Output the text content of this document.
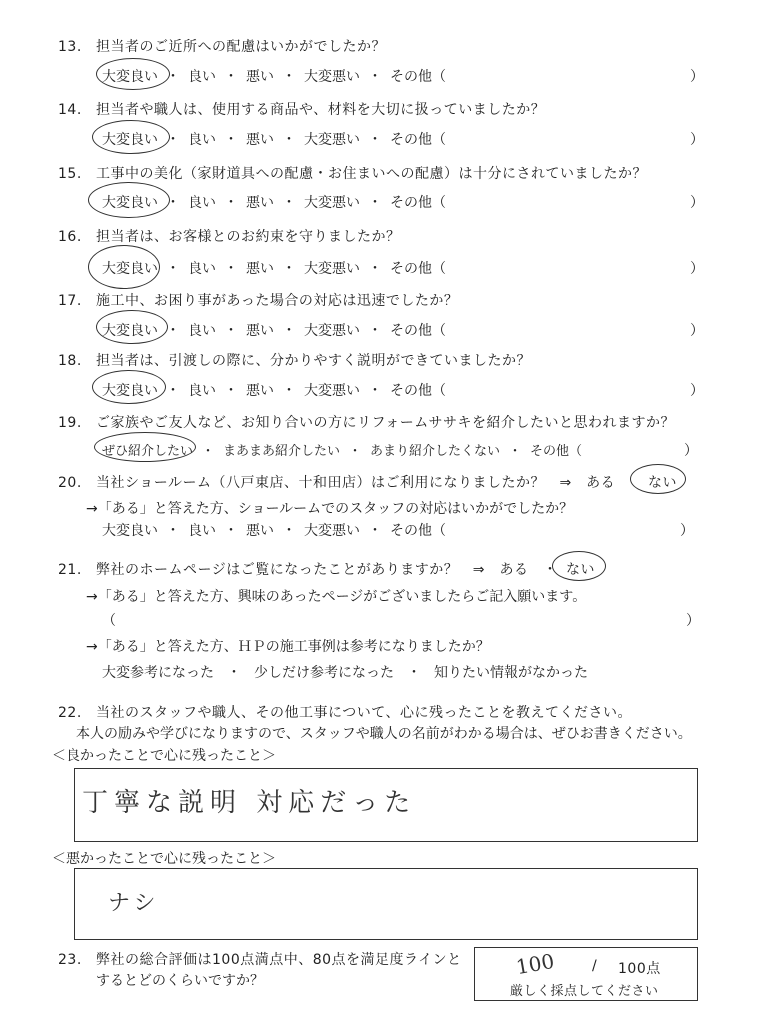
13. 担当者のご近所への配慮はいかがでしたか？
大変良い ・ 良い ・ 悪い ・ 大変悪い ・ その他（	）
14. 担当者や職人は、使用する商品や、材料を大切に扱っていましたか？
大変良い ・ 良い ・ 悪い ・ 大変悪い ・ その他（	）
15. 工事中の美化（家財道具への配慮・お住まいへの配慮）は十分にされていましたか？
大変良い ・ 良い ・ 悪い ・ 大変悪い ・ その他（	）
16. 担当者は、お客様とのお約束を守りましたか？
大変良い ・ 良い ・ 悪い ・ 大変悪い ・ その他（	）
17. 施工中、お困り事があった場合の対応は迅速でしたか？
大変良い ・ 良い ・ 悪い ・ 大変悪い ・ その他（	）
18. 担当者は、引渡しの際に、分かりやすく説明ができていましたか？
大変良い ・ 良い ・ 悪い ・ 大変悪い ・ その他（	）
19. ご家族やご友人など、お知り合いの方にリフォームササキを紹介したいと思われますか？
ぜひ紹介したい ・ まあまあ紹介したい ・ あまり紹介したくない ・ その他（	）
20. 当社ショールーム（八戸東店、十和田店）はご利用になりましたか？　⇒　ある ない
→「ある」と答えた方、ショールームでのスタッフの対応はいかがでしたか？
大変良い ・ 良い ・ 悪い ・ 大変悪い ・ その他（	）
21. 弊社のホームページはご覧になったことがありますか？　⇒　ある　・ ない
→「ある」と答えた方、興味のあったページがございましたらご記入願います。
（	）
→「ある」と答えた方、ＨＰの施工事例は参考になりましたか？
大変参考になった ・ 少しだけ参考になった ・ 知りたい情報がなかった
22. 当社のスタッフや職人、その他工事について、心に残ったことを教えてください。
本人の励みや学びになりますので、スタッフや職人の名前がわかる場合は、ぜひお書きください。
＜良かったことで心に残ったこと＞
丁寧な説明 対応だった
＜悪かったことで心に残ったこと＞
ナシ
23. 弊社の総合評価は100点満点中、80点を満足度ラインと
するとどのくらいですか？
100	/ 100点
厳しく採点してください
